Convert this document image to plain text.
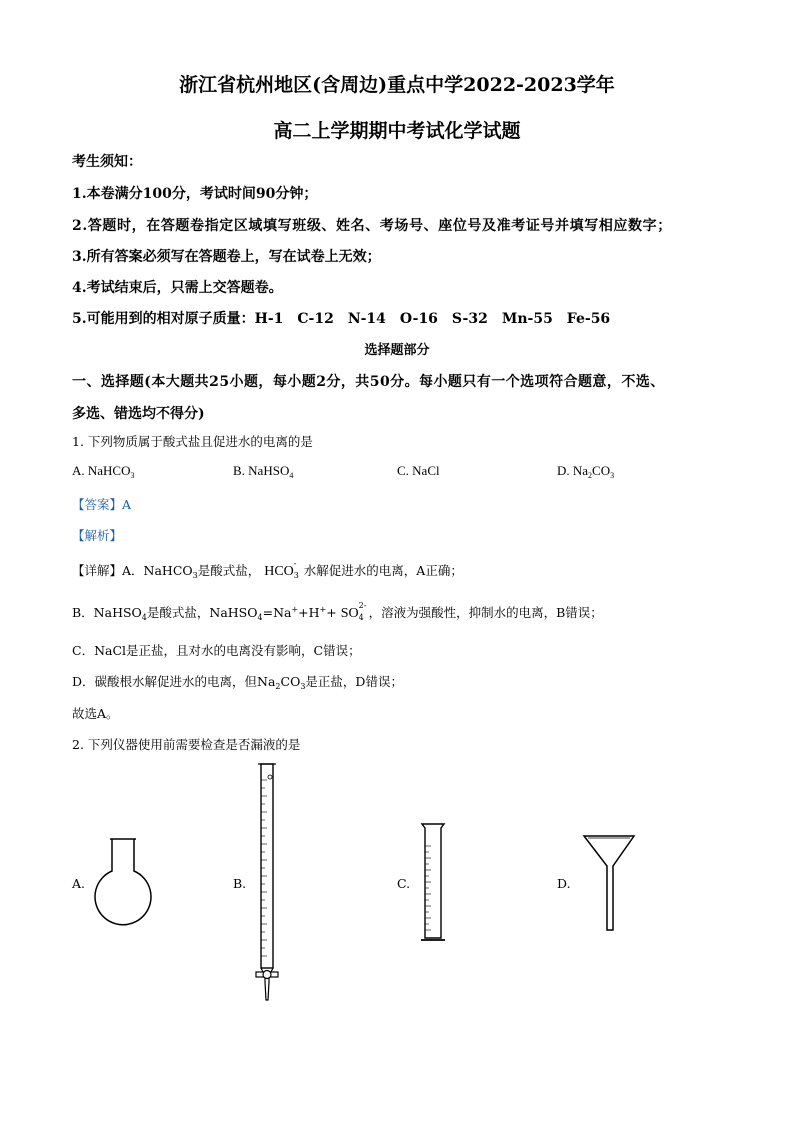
浙江省杭州地区(含周边)重点中学2022-2023学年
高二上学期期中考试化学试题
考生须知：
1.本卷满分100分，考试时间90分钟；
2.答题时，在答题卷指定区域填写班级、姓名、考场号、座位号及准考证号并填写相应数字；
3.所有答案必须写在答题卷上，写在试卷上无效；
4.考试结束后，只需上交答题卷。
5.可能用到的相对原子质量：H-1　C-12　N-14　O-16　S-32　Mn-55　Fe-56
选择题部分
一、选择题(本大题共25小题，每小题2分，共50分。每小题只有一个选项符合题意，不选、
多选、错选均不得分)
1. 下列物质属于酸式盐且促进水的电离的是
A. NaHCO$_3$	B. NaHSO$_4$	C. NaCl	D. $Na_2CO_3$
【答案】A
【解析】
【详解】A．NaHCO$_3$是酸式盐， HCO
-
3 水解促进水的电离，A正确；
B．NaHSO$_4$是酸式盐，NaHSO$_4$=Na++H++ SO
2-
4 ，溶液为强酸性，抑制水的电离，B错误；
C．NaCl是正盐，且对水的电离没有影响，C错误；
D．碳酸根水解促进水的电离，但$Na_2CO_3$是正盐，D错误；
故选A。
2. 下列仪器使用前需要检查是否漏液的是
A.	B.	C.	D.
